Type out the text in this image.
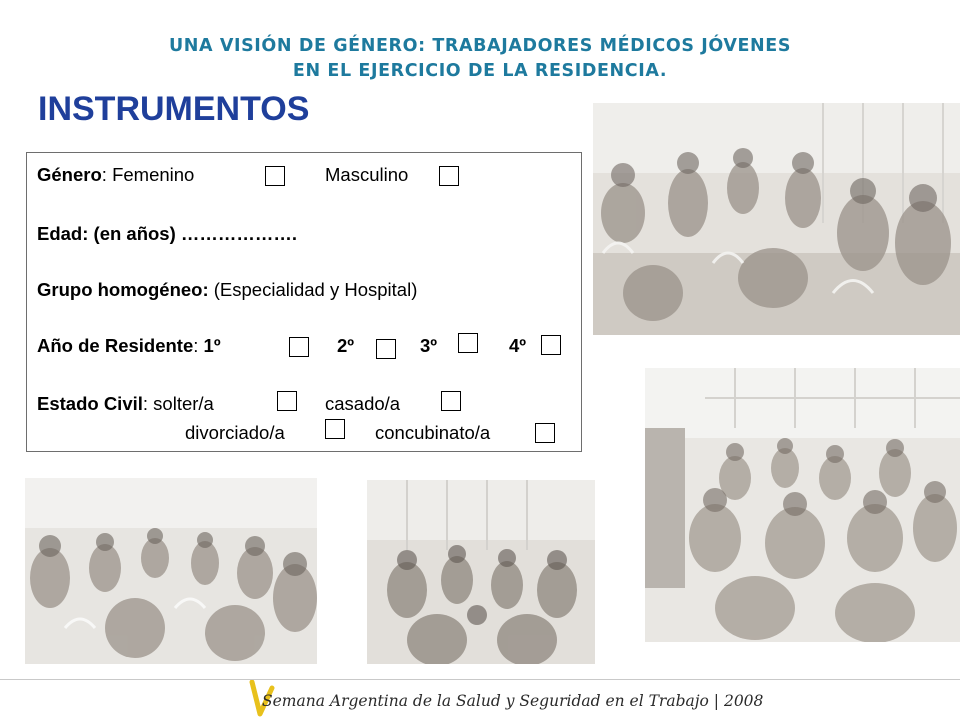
UNA VISIÓN DE GÉNERO: TRABAJADORES MÉDICOS JÓVENES
EN EL EJERCICIO DE LA RESIDENCIA.
INSTRUMENTOS
Género: Femenino	Masculino
Edad: (en años) ……………….
Grupo homogéneo: (Especialidad y Hospital)
Año de Residente: 1º	2º	3º	4º
Estado Civil: solter/a	casado/a
divorciado/a	concubinato/a
Semana Argentina de la Salud y Seguridad en el Trabajo | 2008
